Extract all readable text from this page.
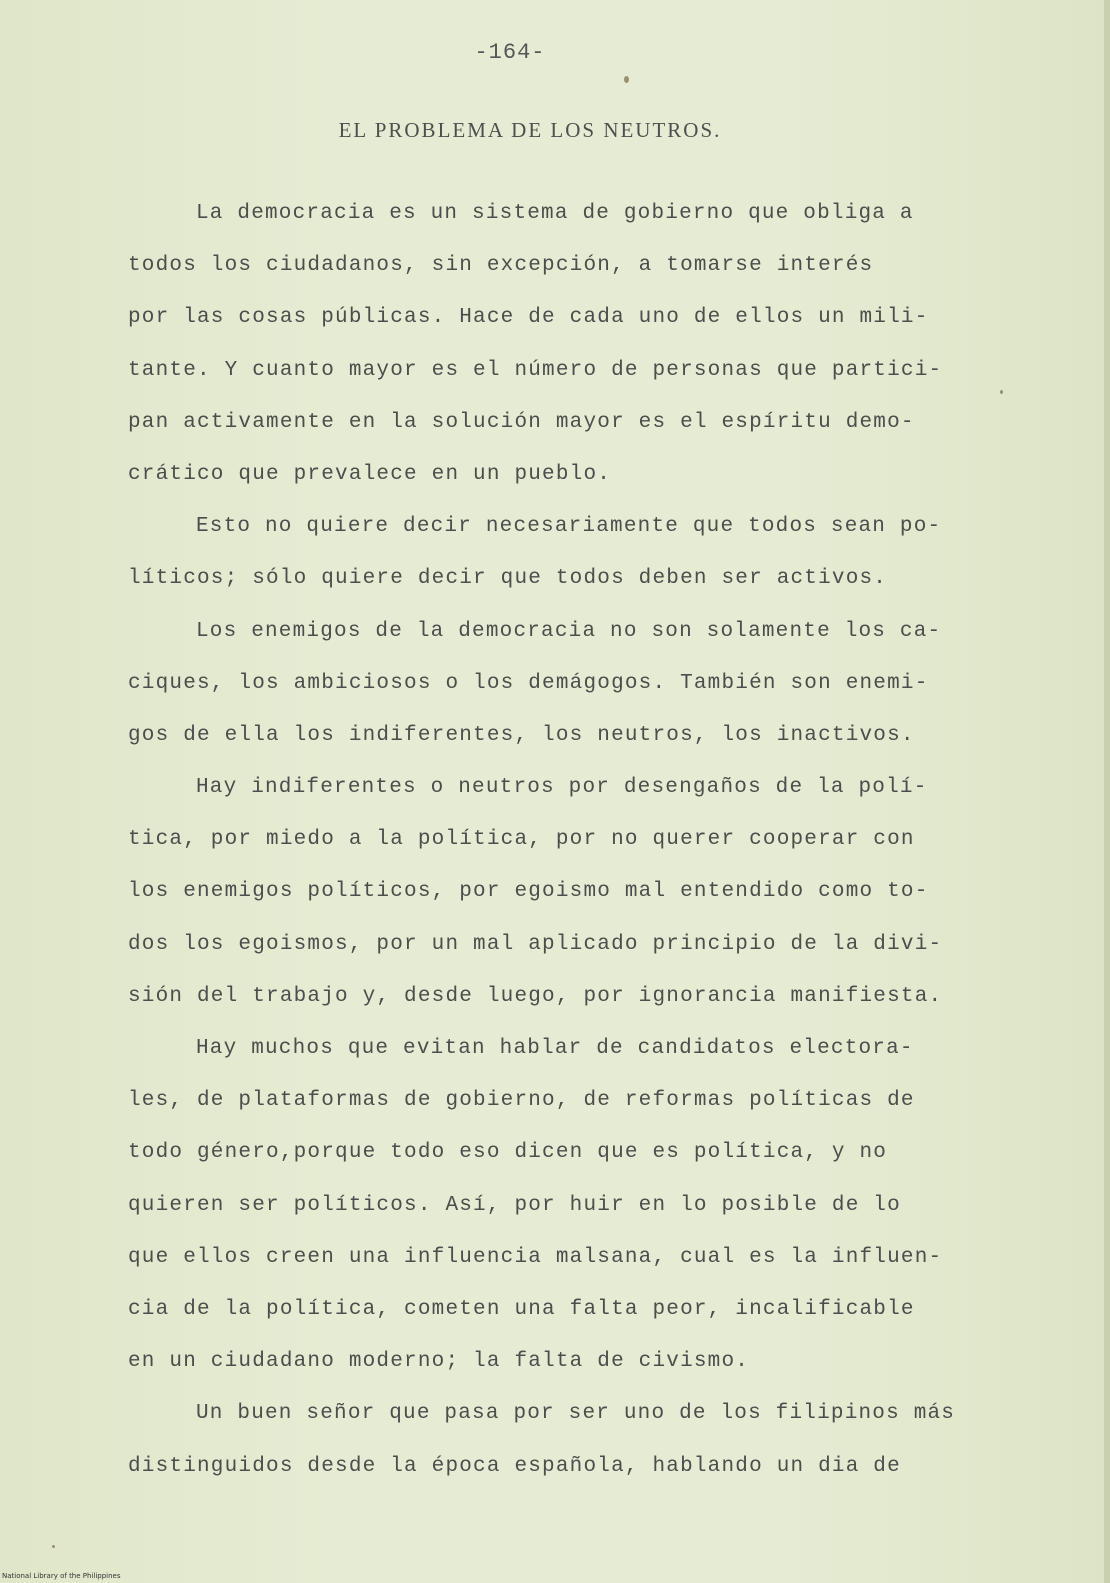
-164-
EL PROBLEMA DE LOS NEUTROS.
La democracia es un sistema de gobierno que obliga a
todos los ciudadanos, sin excepción, a tomarse interés
por las cosas públicas. Hace de cada uno de ellos un mili-
tante. Y cuanto mayor es el número de personas que partici-
pan activamente en la solución mayor es el espíritu demo-
crático que prevalece en un pueblo.
Esto no quiere decir necesariamente que todos sean po-
líticos; sólo quiere decir que todos deben ser activos.
Los enemigos de la democracia no son solamente los ca-
ciques, los ambiciosos o los demágogos. También son enemi-
gos de ella los indiferentes, los neutros, los inactivos.
Hay indiferentes o neutros por desengaños de la polí-
tica, por miedo a la política, por no querer cooperar con
los enemigos políticos, por egoismo mal entendido como to-
dos los egoismos, por un mal aplicado principio de la divi-
sión del trabajo y, desde luego, por ignorancia manifiesta.
Hay muchos que evitan hablar de candidatos electora-
les, de plataformas de gobierno, de reformas políticas de
todo género,porque todo eso dicen que es política, y no
quieren ser políticos. Así, por huir en lo posible de lo
que ellos creen una influencia malsana, cual es la influen-
cia de la política, cometen una falta peor, incalificable
en un ciudadano moderno; la falta de civismo.
Un buen señor que pasa por ser uno de los filipinos más
distinguidos desde la época española, hablando un dia de
National Library of the Philippines
